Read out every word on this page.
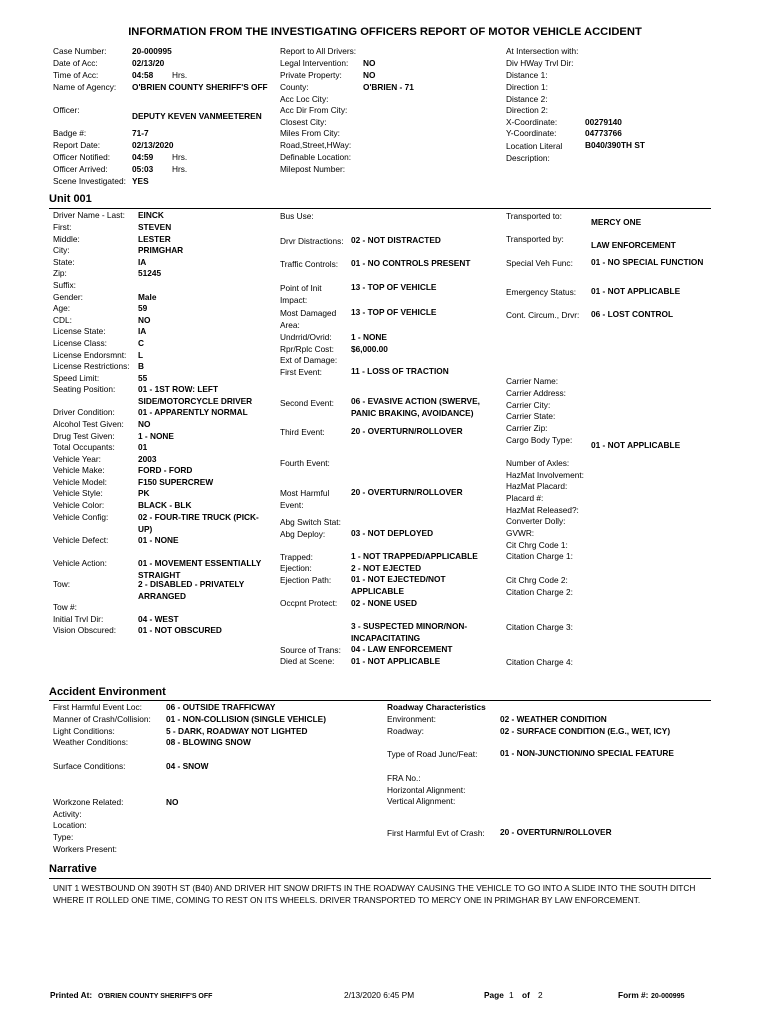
INFORMATION FROM THE INVESTIGATING OFFICERS REPORT OF MOTOR VEHICLE ACCIDENT
Case Number:	20-000995
Date of Acc:	02/13/20
Time of Acc:	04:58 Hrs.
Name of Agency: O'BRIEN COUNTY SHERIFF'S OFF
Officer:
DEPUTY KEVEN VANMEETEREN
Badge #:	71-7
Report Date:	02/13/2020
Officer Notified:	04:59 Hrs.
Officer Arrived:	05:03 Hrs.
Scene Investigated: YES
Report to All Drivers:
Legal Intervention: NO
Private Property:	NO
County:	O'BRIEN - 71
Acc Loc City:
Acc Dir From City:
Closest City:
Miles From City:
Road,Street,HWay:
Definable Location:
Milepost Number:
At Intersection with:
Div HWay Trvl Dir:
Distance 1:
Direction 1:
Distance 2:
Direction 2:
X-Coordinate:	00279140
Y-Coordinate:	04773766
Location Literal Description:
B040/390TH ST
Unit 001
Driver Name - Last: EINCK
First:	STEVEN
Middle:	LESTER
City:	PRIMGHAR
State:	IA
Zip:	51245
Suffix:
Gender:	Male
Age:	59
CDL:	NO
License State:	IA
License Class:	C
License Endorsmnt: L
License Restrictions: B
Speed Limit:	55
Seating Position:	01 - 1ST ROW: LEFT SIDE/MOTORCYCLE DRIVER
Driver Condition:	01 - APPARENTLY NORMAL
Alcohol Test Given: NO
Drug Test Given:	1 - NONE
Total Occupants:	01
Vehicle Year:	2003
Vehicle Make:	FORD - FORD
Vehicle Model:	F150 SUPERCREW
Vehicle Style:	PK
Vehicle Color:	BLACK - BLK
Vehicle Config:	02 - FOUR-TIRE TRUCK (PICK-UP)
Vehicle Defect:	01 - NONE
Vehicle Action:	01 - MOVEMENT ESSENTIALLY STRAIGHT
Tow:	2 - DISABLED - PRIVATELY ARRANGED
Tow #:
Initial Trvl Dir:	04 - WEST
Vision Obscured:	01 - NOT OBSCURED
Bus Use:
Drvr Distractions: 02 - NOT DISTRACTED
Traffic Controls: 01 - NO CONTROLS PRESENT
Point of Init Impact:
13 - TOP OF VEHICLE
Most Damaged Area:
13 - TOP OF VEHICLE
Undrrid/Ovrid: 1 - NONE
Rpr/Rplc Cost: $6,000.00
Ext of Damage:
First Event:	11 - LOSS OF TRACTION
Second Event: 06 - EVASIVE ACTION (SWERVE, PANIC BRAKING, AVOIDANCE)
Third Event:	20 - OVERTURN/ROLLOVER
Fourth Event:
Most Harmful Event:
20 - OVERTURN/ROLLOVER
Abg Switch Stat:
Abg Deploy:	03 - NOT DEPLOYED
Trapped:	1 - NOT TRAPPED/APPLICABLE
Ejection:	2 - NOT EJECTED
Ejection Path: 01 - NOT EJECTED/NOT APPLICABLE
Occpnt Protect: 02 - NONE USED
3 - SUSPECTED MINOR/NON-INCAPACITATING
Source of Trans: 04 - LAW ENFORCEMENT
Died at Scene: 01 - NOT APPLICABLE
Transported to:
MERCY ONE
Transported by:
LAW ENFORCEMENT
Special Veh Func: 01 - NO SPECIAL FUNCTION
Emergency Status: 01 - NOT APPLICABLE
Cont. Circum., Drvr: 06 - LOST CONTROL
Carrier Name:
Carrier Address:
Carrier City:
Carrier State:
Carrier Zip:
Cargo Body Type: 01 - NOT APPLICABLE
Number of Axles:
HazMat Involvement:
HazMat Placard:
Placard #:
HazMat Released?:
Converter Dolly:
GVWR:
Cit Chrg Code 1:
Citation Charge 1:
Cit Chrg Code 2:
Citation Charge 2:
Citation Charge 3:
Citation Charge 4:
Accident Environment
First Harmful Event Loc:	06 - OUTSIDE TRAFFICWAY
Manner of Crash/Collision: 01 - NON-COLLISION (SINGLE VEHICLE)
Light Conditions:	5 - DARK, ROADWAY NOT LIGHTED
Weather Conditions:	08 - BLOWING SNOW
Surface Conditions:	04 - SNOW
Workzone Related:	NO
Activity:
Location:
Type:
Workers Present:
Roadway Characteristics
Environment:	02 - WEATHER CONDITION
Roadway:	02 - SURFACE CONDITION (E.G., WET, ICY)
Type of Road Junc/Feat:	01 - NON-JUNCTION/NO SPECIAL FEATURE
FRA No.:
Horizontal Alignment:
Vertical Alignment:
First Harmful Evt of Crash: 20 - OVERTURN/ROLLOVER
Narrative
UNIT 1 WESTBOUND ON 390TH ST (B40) AND DRIVER HIT SNOW DRIFTS IN THE ROADWAY CAUSING THE VEHICLE TO GO INTO A SLIDE INTO THE SOUTH DITCH WHERE IT ROLLED ONE TIME, COMING TO REST ON ITS WHEELS. DRIVER TRANSPORTED TO MERCY ONE IN PRIMGHAR BY LAW ENFORCEMENT.
Printed At: O'BRIEN COUNTY SHERIFF'S OFF	2/13/2020 6:45 PM	Page 1 of 2	Form #: 20-000995
